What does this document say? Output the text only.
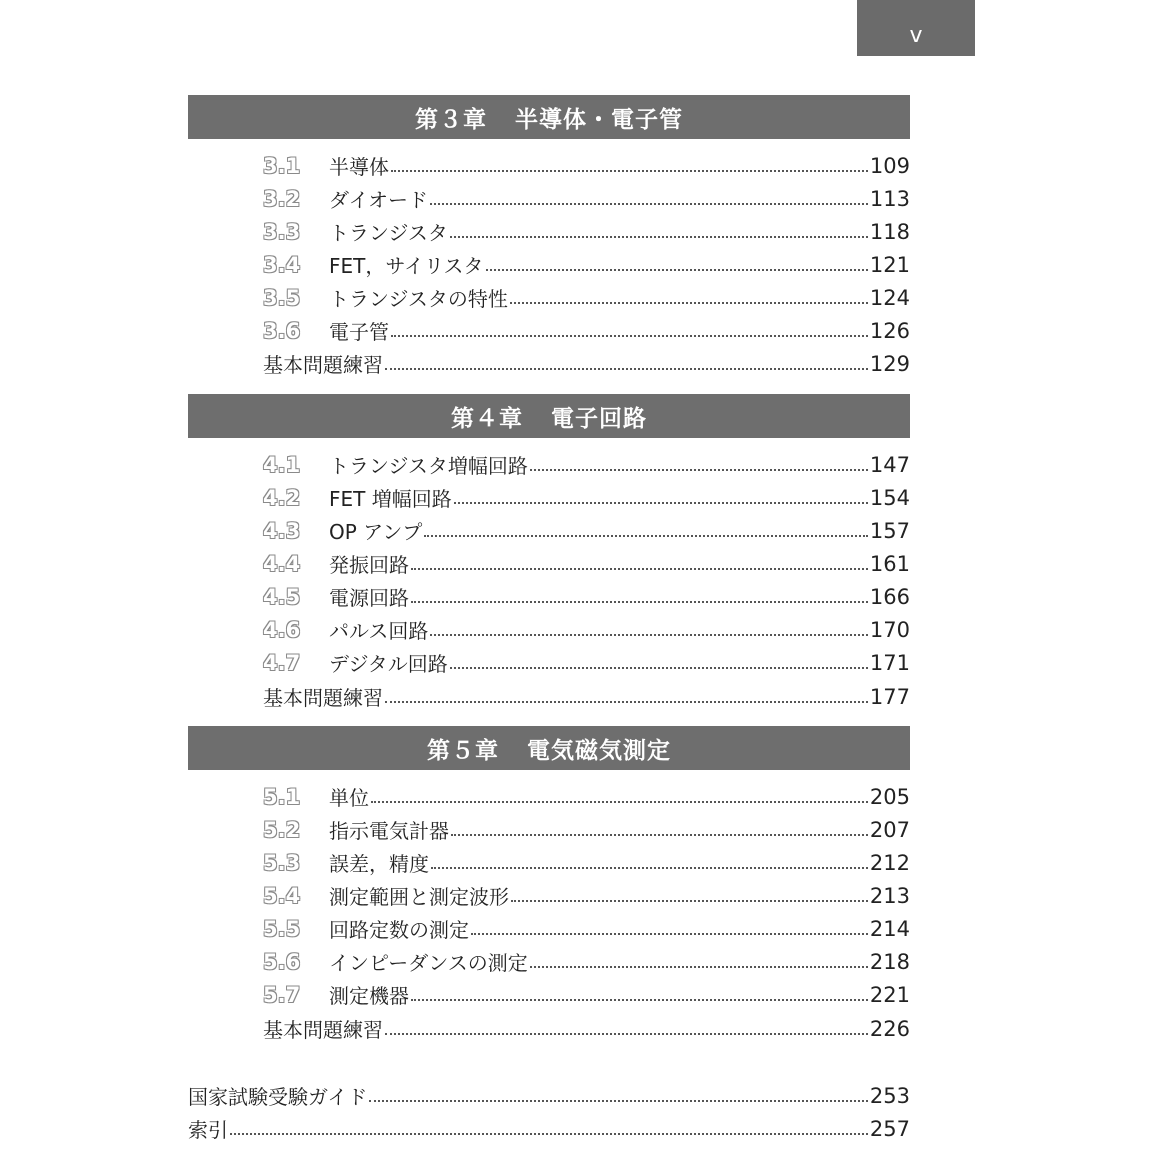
v
第３章 半導体・電子管
3.1	半導体	109
3.2	ダイオード	113
3.3	トランジスタ	118
3.4	FET，サイリスタ	121
3.5	トランジスタの特性	124
3.6	電子管	126
基本問題練習	129
第４章 電子回路
4.1	トランジスタ増幅回路	147
4.2	FET 増幅回路	154
4.3	OP アンプ	157
4.4	発振回路	161
4.5	電源回路	166
4.6	パルス回路	170
4.7	デジタル回路	171
基本問題練習	177
第５章 電気磁気測定
5.1	単位	205
5.2	指示電気計器	207
5.3	誤差，精度	212
5.4	測定範囲と測定波形	213
5.5	回路定数の測定	214
5.6	インピーダンスの測定	218
5.7	測定機器	221
基本問題練習	226
国家試験受験ガイド	253
索引	257
